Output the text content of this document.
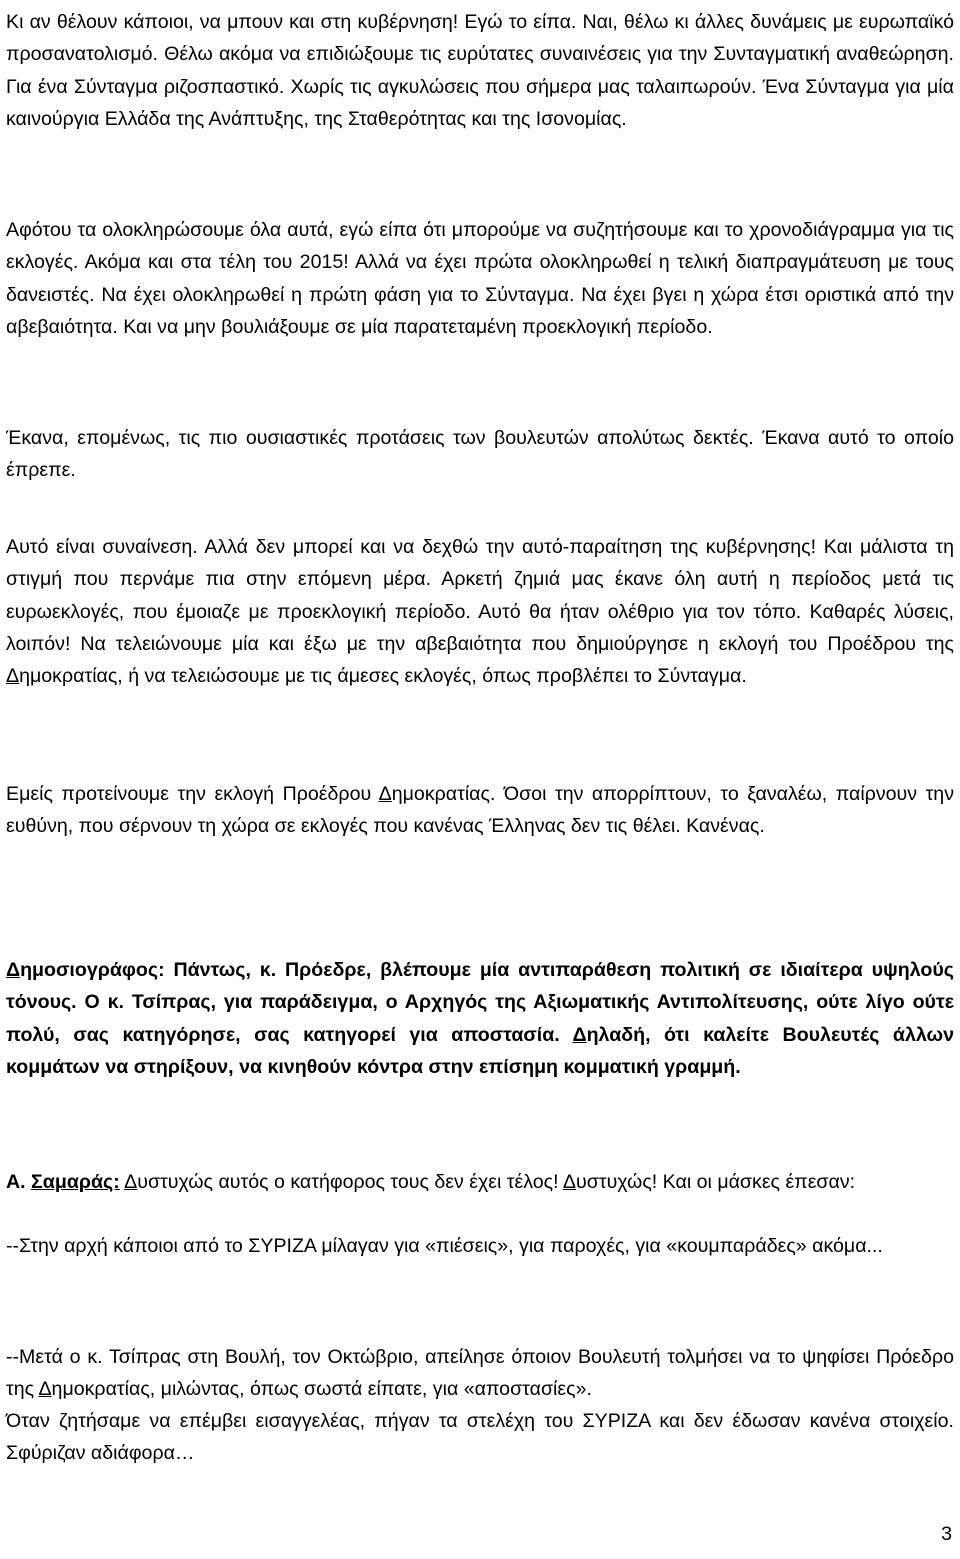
Κι αν θέλουν κάποιοι, να μπουν και στη κυβέρνηση! Εγώ το είπα. Ναι, θέλω κι άλλες δυνάμεις με ευρωπαϊκό προσανατολισμό. Θέλω ακόμα να επιδιώξουμε τις ευρύτατες συναινέσεις για την Συνταγματική αναθεώρηση. Για ένα Σύνταγμα ριζοσπαστικό. Χωρίς τις αγκυλώσεις που σήμερα μας ταλαιπωρούν. Ένα Σύνταγμα για μία καινούργια Ελλάδα της Ανάπτυξης, της Σταθερότητας και της Ισονομίας.

Αφότου τα ολοκληρώσουμε όλα αυτά, εγώ είπα ότι μπορούμε να συζητήσουμε και το χρονοδιάγραμμα για τις εκλογές. Ακόμα και στα τέλη του 2015! Αλλά να έχει πρώτα ολοκληρωθεί η τελική διαπραγμάτευση με τους δανειστές. Να έχει ολοκληρωθεί η πρώτη φάση για το Σύνταγμα. Να έχει βγει η χώρα έτσι οριστικά από την αβεβαιότητα. Και να μην βουλιάξουμε σε μία παρατεταμένη προεκλογική περίοδο.

Έκανα, επομένως, τις πιο ουσιαστικές προτάσεις των βουλευτών απολύτως δεκτές. Έκανα αυτό το οποίο έπρεπε.

Αυτό είναι συναίνεση. Αλλά δεν μπορεί και να δεχθώ την αυτό-παραίτηση της κυβέρνησης! Και μάλιστα τη στιγμή που περνάμε πια στην επόμενη μέρα. Αρκετή ζημιά μας έκανε όλη αυτή η περίοδος μετά τις ευρωεκλογές, που έμοιαζε με προεκλογική περίοδο. Αυτό θα ήταν ολέθριο για τον τόπο. Καθαρές λύσεις, λοιπόν! Να τελειώνουμε μία και έξω με την αβεβαιότητα που δημιούργησε η εκλογή του Προέδρου της Δημοκρατίας, ή να τελειώσουμε με τις άμεσες εκλογές, όπως προβλέπει το Σύνταγμα.

Εμείς προτείνουμε την εκλογή Προέδρου Δημοκρατίας. Όσοι την απορρίπτουν, το ξαναλέω, παίρνουν την ευθύνη, που σέρνουν τη χώρα σε εκλογές που κανένας Έλληνας δεν τις θέλει. Κανένας.

Δημοσιογράφος: Πάντως, κ. Πρόεδρε, βλέπουμε μία αντιπαράθεση πολιτική σε ιδιαίτερα υψηλούς τόνους. Ο κ. Τσίπρας, για παράδειγμα, ο Αρχηγός της Αξιωματικής Αντιπολίτευσης, ούτε λίγο ούτε πολύ, σας κατηγόρησε, σας κατηγορεί για αποστασία. Δηλαδή, ότι καλείτε Βουλευτές άλλων κομμάτων να στηρίξουν, να κινηθούν κόντρα στην επίσημη κομματική γραμμή.

Α. Σαμαράς: Δυστυχώς αυτός ο κατήφορος τους δεν έχει τέλος! Δυστυχώς! Και οι μάσκες έπεσαν:

--Στην αρχή κάποιοι από το ΣΥΡΙΖΑ μίλαγαν για «πιέσεις», για παροχές, για «κουμπαράδες» ακόμα...

--Μετά ο κ. Τσίπρας στη Βουλή, τον Οκτώβριο, απείλησε όποιον Βουλευτή τολμήσει να το ψηφίσει Πρόεδρο της Δημοκρατίας, μιλώντας, όπως σωστά είπατε, για «αποστασίες».

Όταν ζητήσαμε να επέμβει εισαγγελέας, πήγαν τα στελέχη του ΣΥΡΙΖΑ και δεν έδωσαν κανένα στοιχείο. Σφύριζαν αδιάφορα…

3
